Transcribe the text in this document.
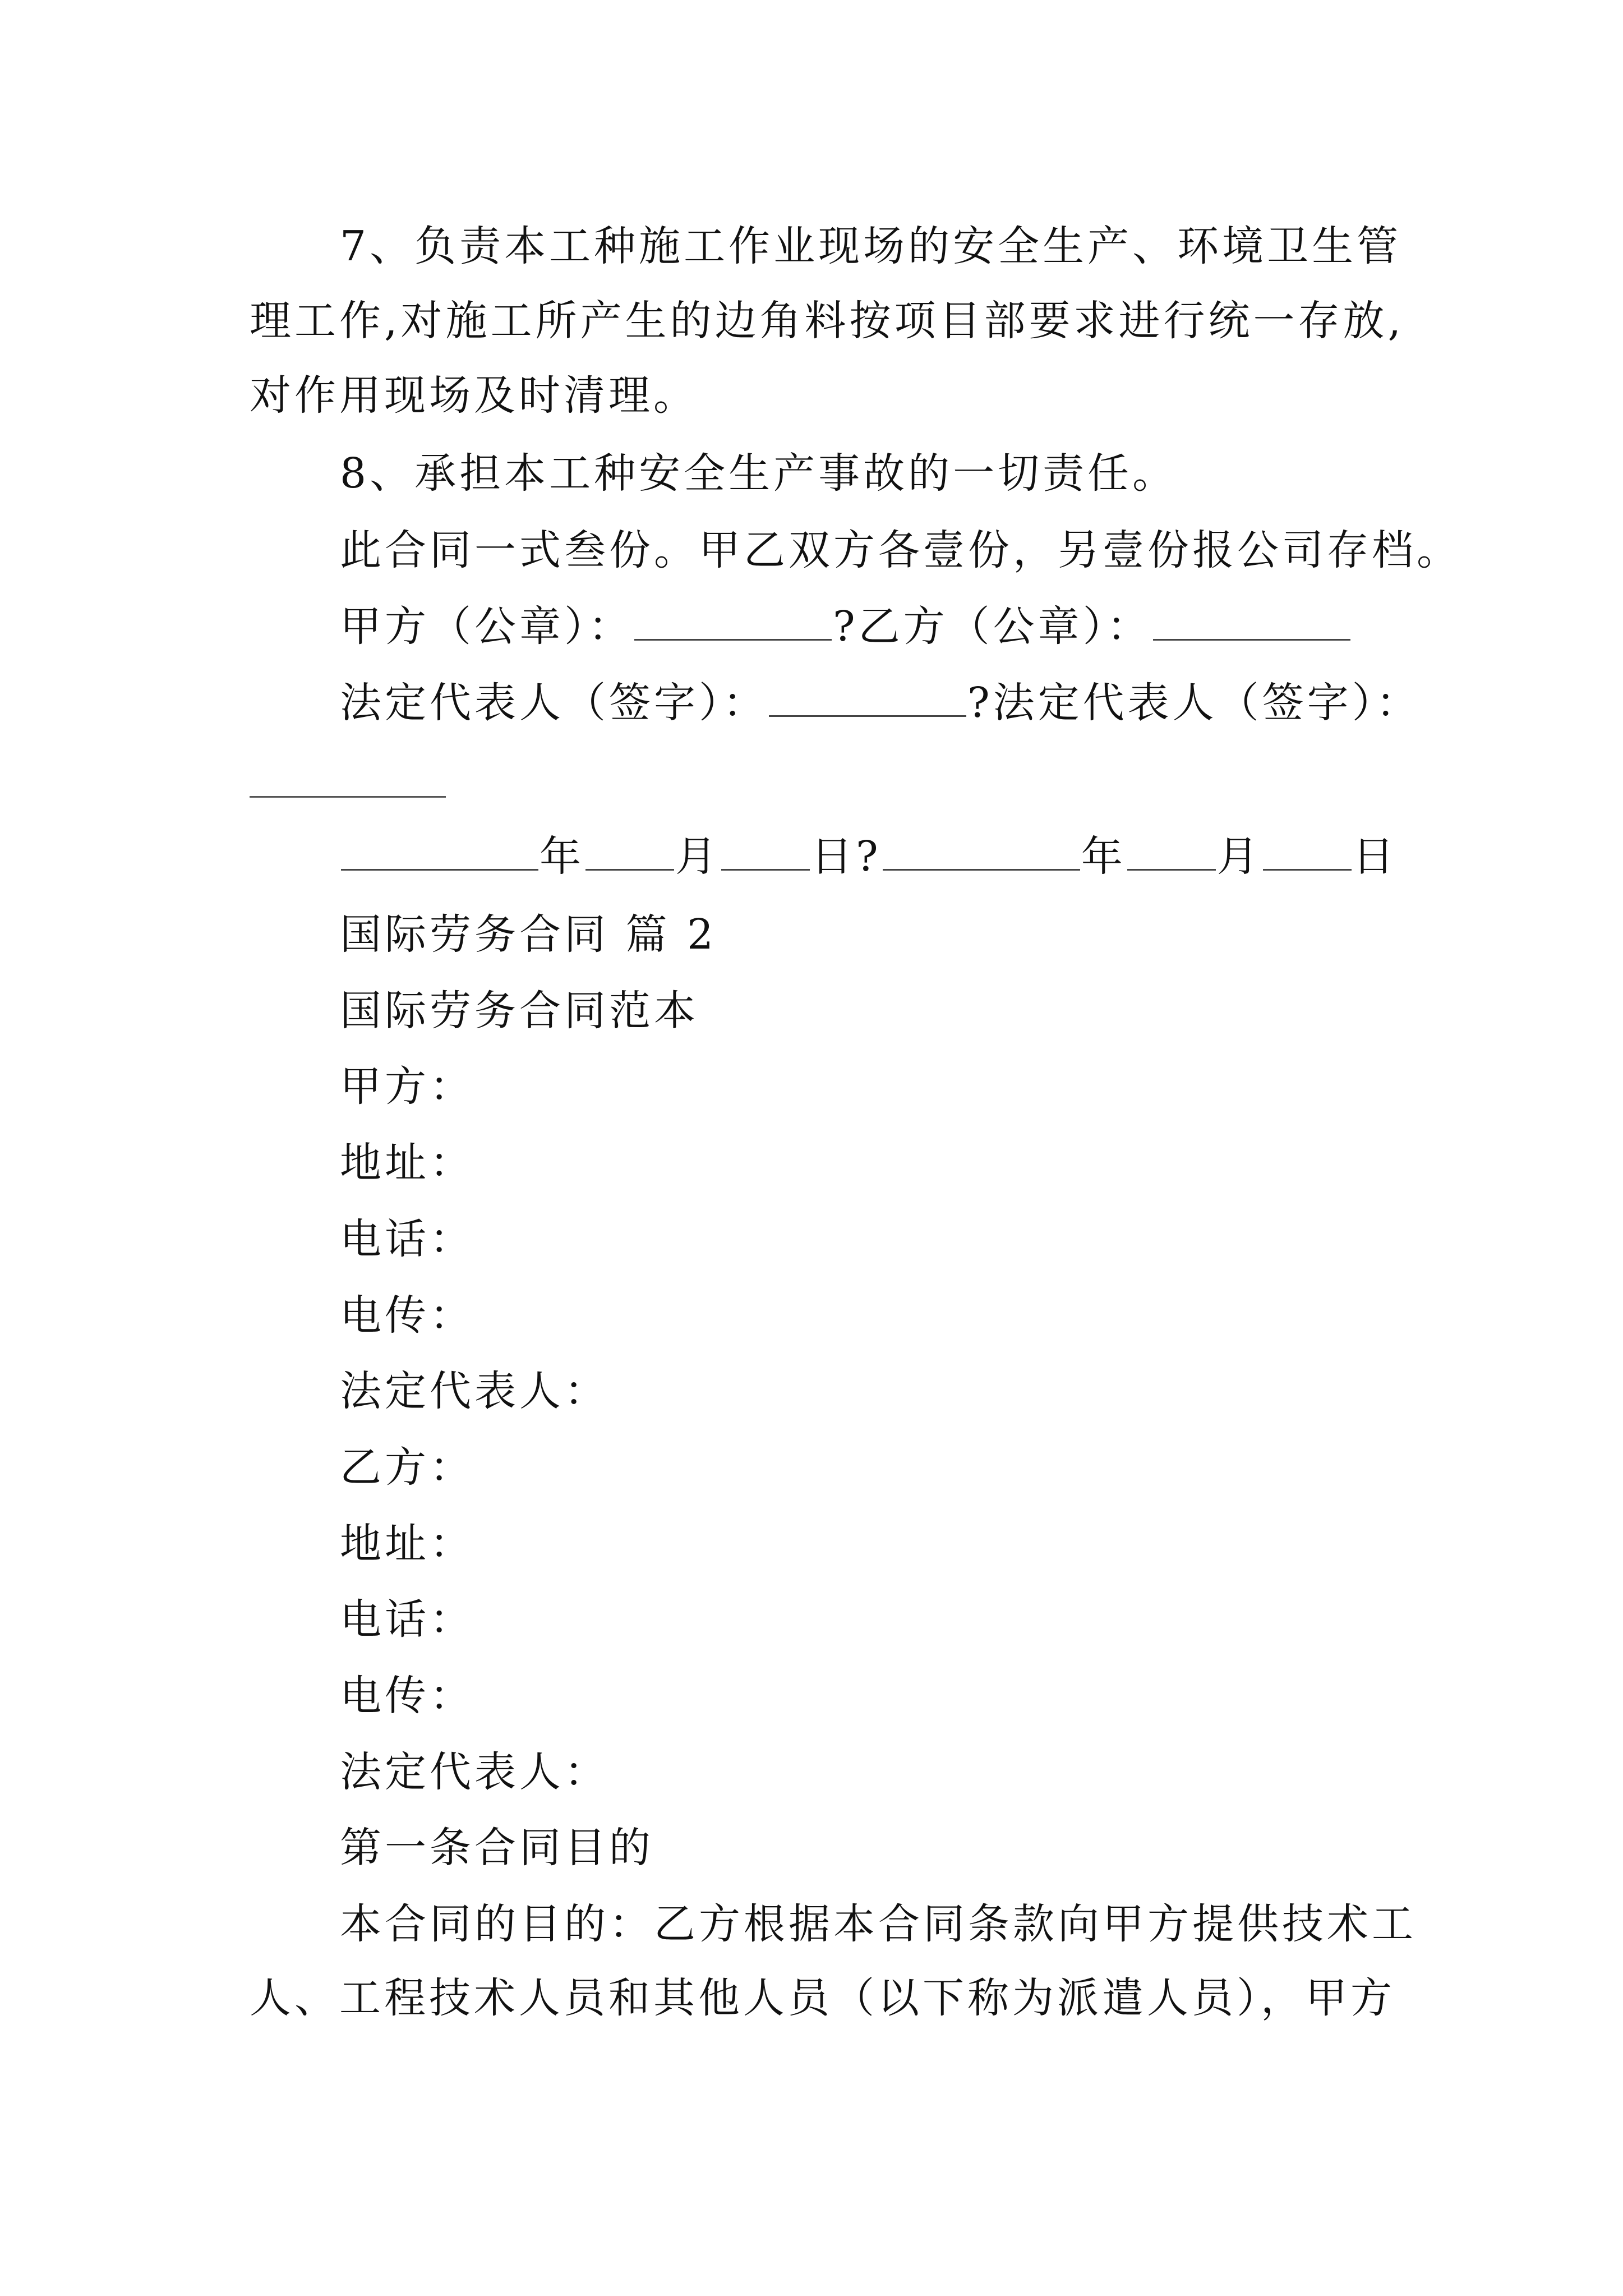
7、负责本工种施工作业现场的安全生产、环境卫生管
理工作,对施工所产生的边角料按项目部要求进行统一存放,
对作用现场及时清理。
8、承担本工种安全生产事故的一切责任。
此合同一式叁份。甲乙双方各壹份，另壹份报公司存档。
甲方（公章）：	?乙方（公章）：
法定代表人（签字）：	?法定代表人（签字）：
年 月 日?	年 月 日
国际劳务合同 篇 2
国际劳务合同范本
甲方：
地址：
电话：
电传：
法定代表人：
乙方：
地址：
电话：
电传：
法定代表人：
第一条合同目的
本合同的目的：乙方根据本合同条款向甲方提供技术工
人、工程技术人员和其他人员（以下称为派遣人员），甲方
